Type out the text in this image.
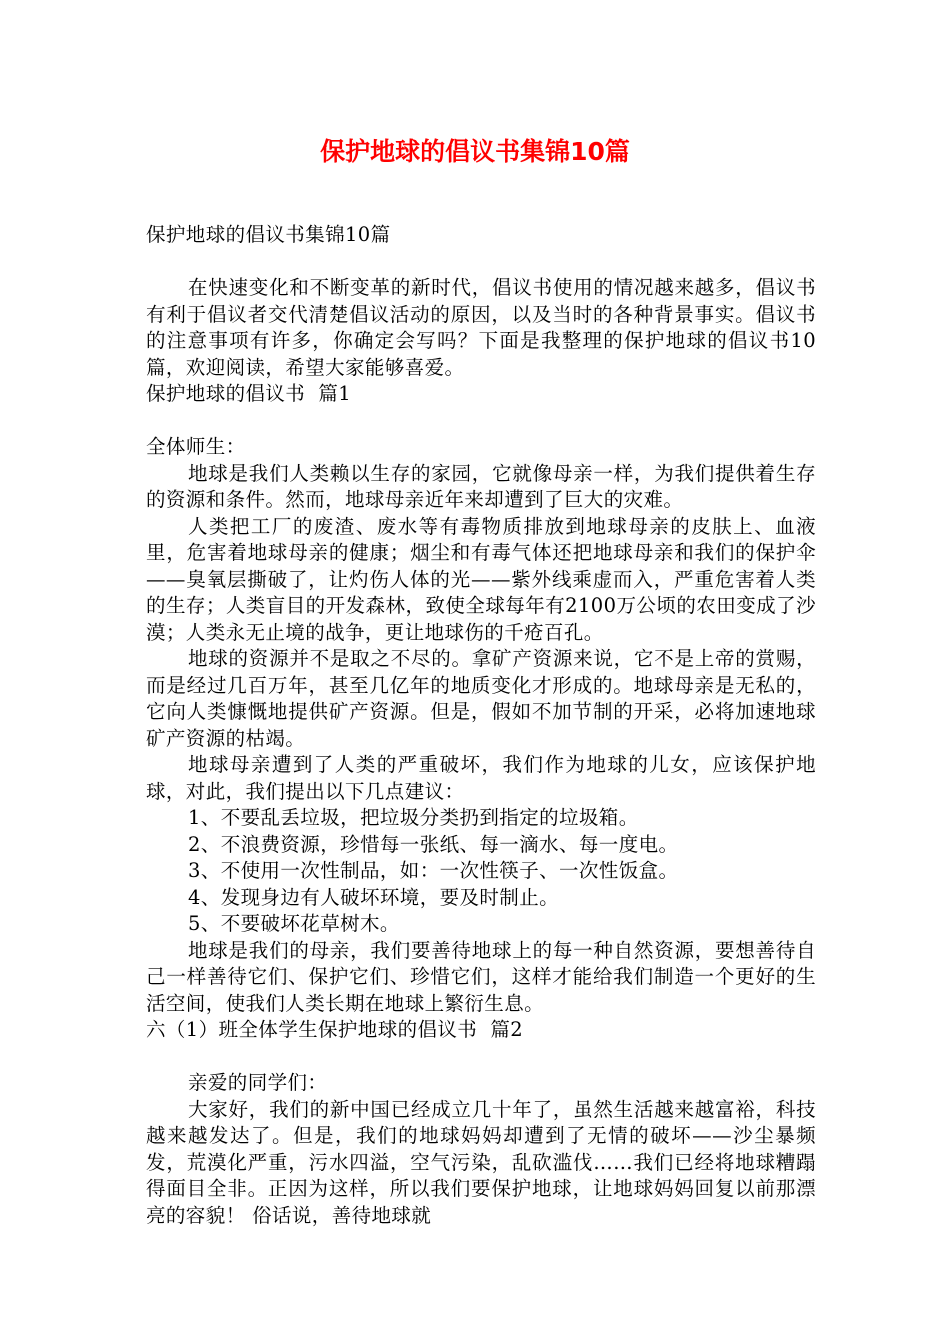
保护地球的倡议书集锦10篇

保护地球的倡议书集锦10篇

在快速变化和不断变革的新时代，倡议书使用的情况越来越多，倡议书有利于倡议者交代清楚倡议活动的原因，以及当时的各种背景事实。倡议书的注意事项有许多，你确定会写吗？下面是我整理的保护地球的倡议书10篇，欢迎阅读，希望大家能够喜爱。

保护地球的倡议书  篇1

全体师生：

地球是我们人类赖以生存的家园，它就像母亲一样，为我们提供着生存的资源和条件。然而，地球母亲近年来却遭到了巨大的灾难。

人类把工厂的废渣、废水等有毒物质排放到地球母亲的皮肤上、血液里，危害着地球母亲的健康；烟尘和有毒气体还把地球母亲和我们的保护伞——臭氧层撕破了，让灼伤人体的光——紫外线乘虚而入，严重危害着人类的生存；人类盲目的开发森林，致使全球每年有2100万公顷的农田变成了沙漠；人类永无止境的战争，更让地球伤的千疮百孔。

地球的资源并不是取之不尽的。拿矿产资源来说，它不是上帝的赏赐，而是经过几百万年，甚至几亿年的地质变化才形成的。地球母亲是无私的，它向人类慷慨地提供矿产资源。但是，假如不加节制的开采，必将加速地球矿产资源的枯竭。

地球母亲遭到了人类的严重破坏，我们作为地球的儿女，应该保护地球，对此，我们提出以下几点建议：

1、不要乱丢垃圾，把垃圾分类扔到指定的垃圾箱。

2、不浪费资源，珍惜每一张纸、每一滴水、每一度电。

3、不使用一次性制品，如：一次性筷子、一次性饭盒。

4、发现身边有人破坏环境，要及时制止。

5、不要破坏花草树木。

地球是我们的母亲，我们要善待地球上的每一种自然资源，要想善待自己一样善待它们、保护它们、珍惜它们，这样才能给我们制造一个更好的生活空间，使我们人类长期在地球上繁衍生息。

六（1）班全体学生保护地球的倡议书  篇2

亲爱的同学们：

大家好，我们的新中国已经成立几十年了，虽然生活越来越富裕，科技越来越发达了。但是，我们的地球妈妈却遭到了无情的破坏——沙尘暴频发，荒漠化严重，污水四溢，空气污染，乱砍滥伐……我们已经将地球糟蹋得面目全非。正因为这样，所以我们要保护地球，让地球妈妈回复以前那漂亮的容貌！ 俗话说，善待地球就
